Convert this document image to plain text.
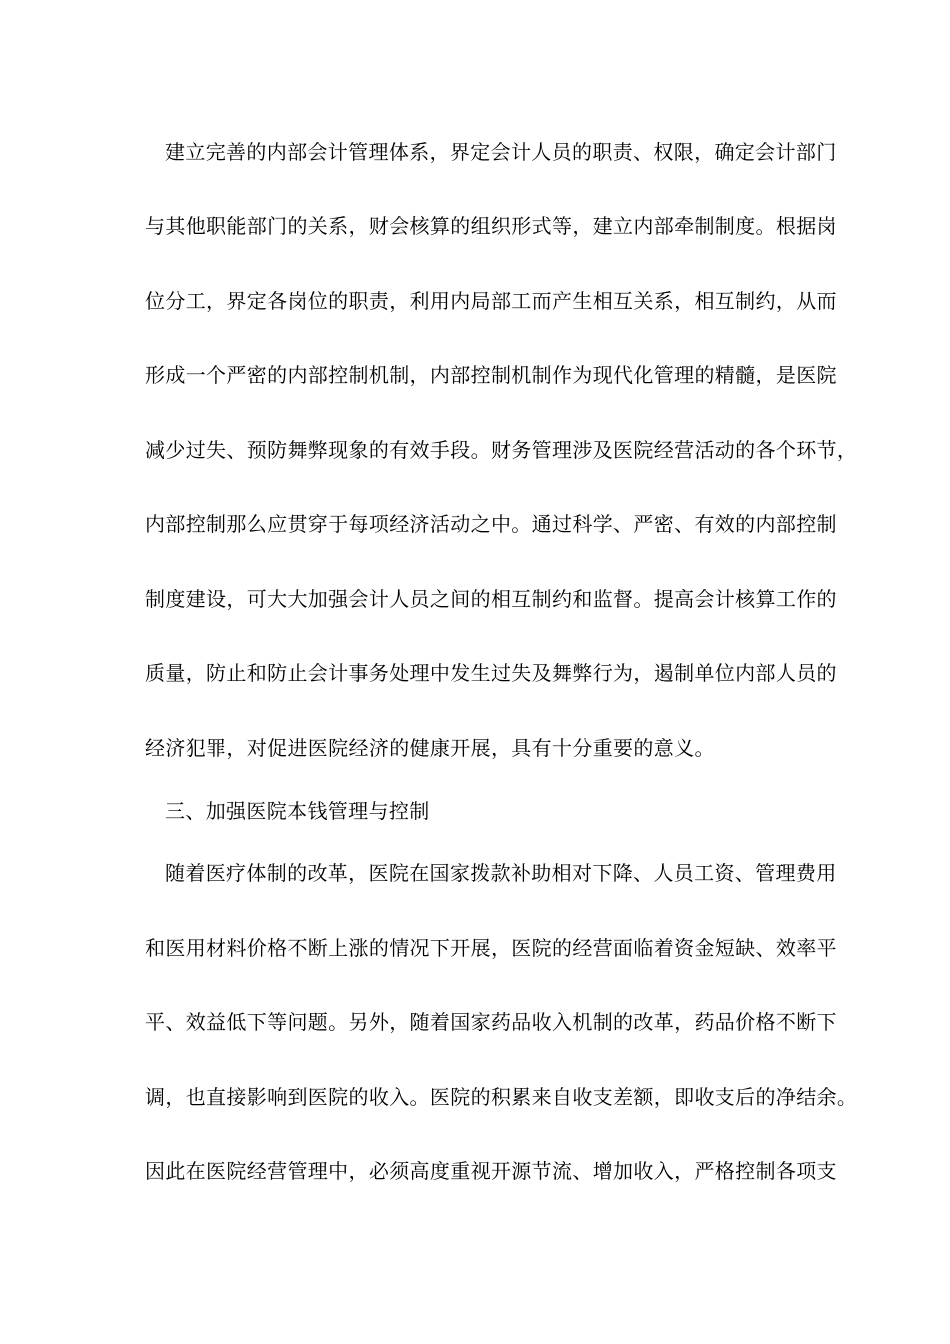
建立完善的内部会计管理体系，界定会计人员的职责、权限，确定会计部门
与其他职能部门的关系，财会核算的组织形式等，建立内部牵制制度。根据岗
位分工，界定各岗位的职责，利用内局部工而产生相互关系，相互制约，从而
形成一个严密的内部控制机制，内部控制机制作为现代化管理的精髓，是医院
减少过失、预防舞弊现象的有效手段。财务管理涉及医院经营活动的各个环节，
内部控制那么应贯穿于每项经济活动之中。通过科学、严密、有效的内部控制
制度建设，可大大加强会计人员之间的相互制约和监督。提高会计核算工作的
质量，防止和防止会计事务处理中发生过失及舞弊行为，遏制单位内部人员的
经济犯罪，对促进医院经济的健康开展，具有十分重要的意义。
三、加强医院本钱管理与控制
随着医疗体制的改革，医院在国家拨款补助相对下降、人员工资、管理费用
和医用材料价格不断上涨的情况下开展，医院的经营面临着资金短缺、效率平
平、效益低下等问题。另外，随着国家药品收入机制的改革，药品价格不断下
调，也直接影响到医院的收入。医院的积累来自收支差额，即收支后的净结余。
因此在医院经营管理中，必须高度重视开源节流、增加收入，严格控制各项支
